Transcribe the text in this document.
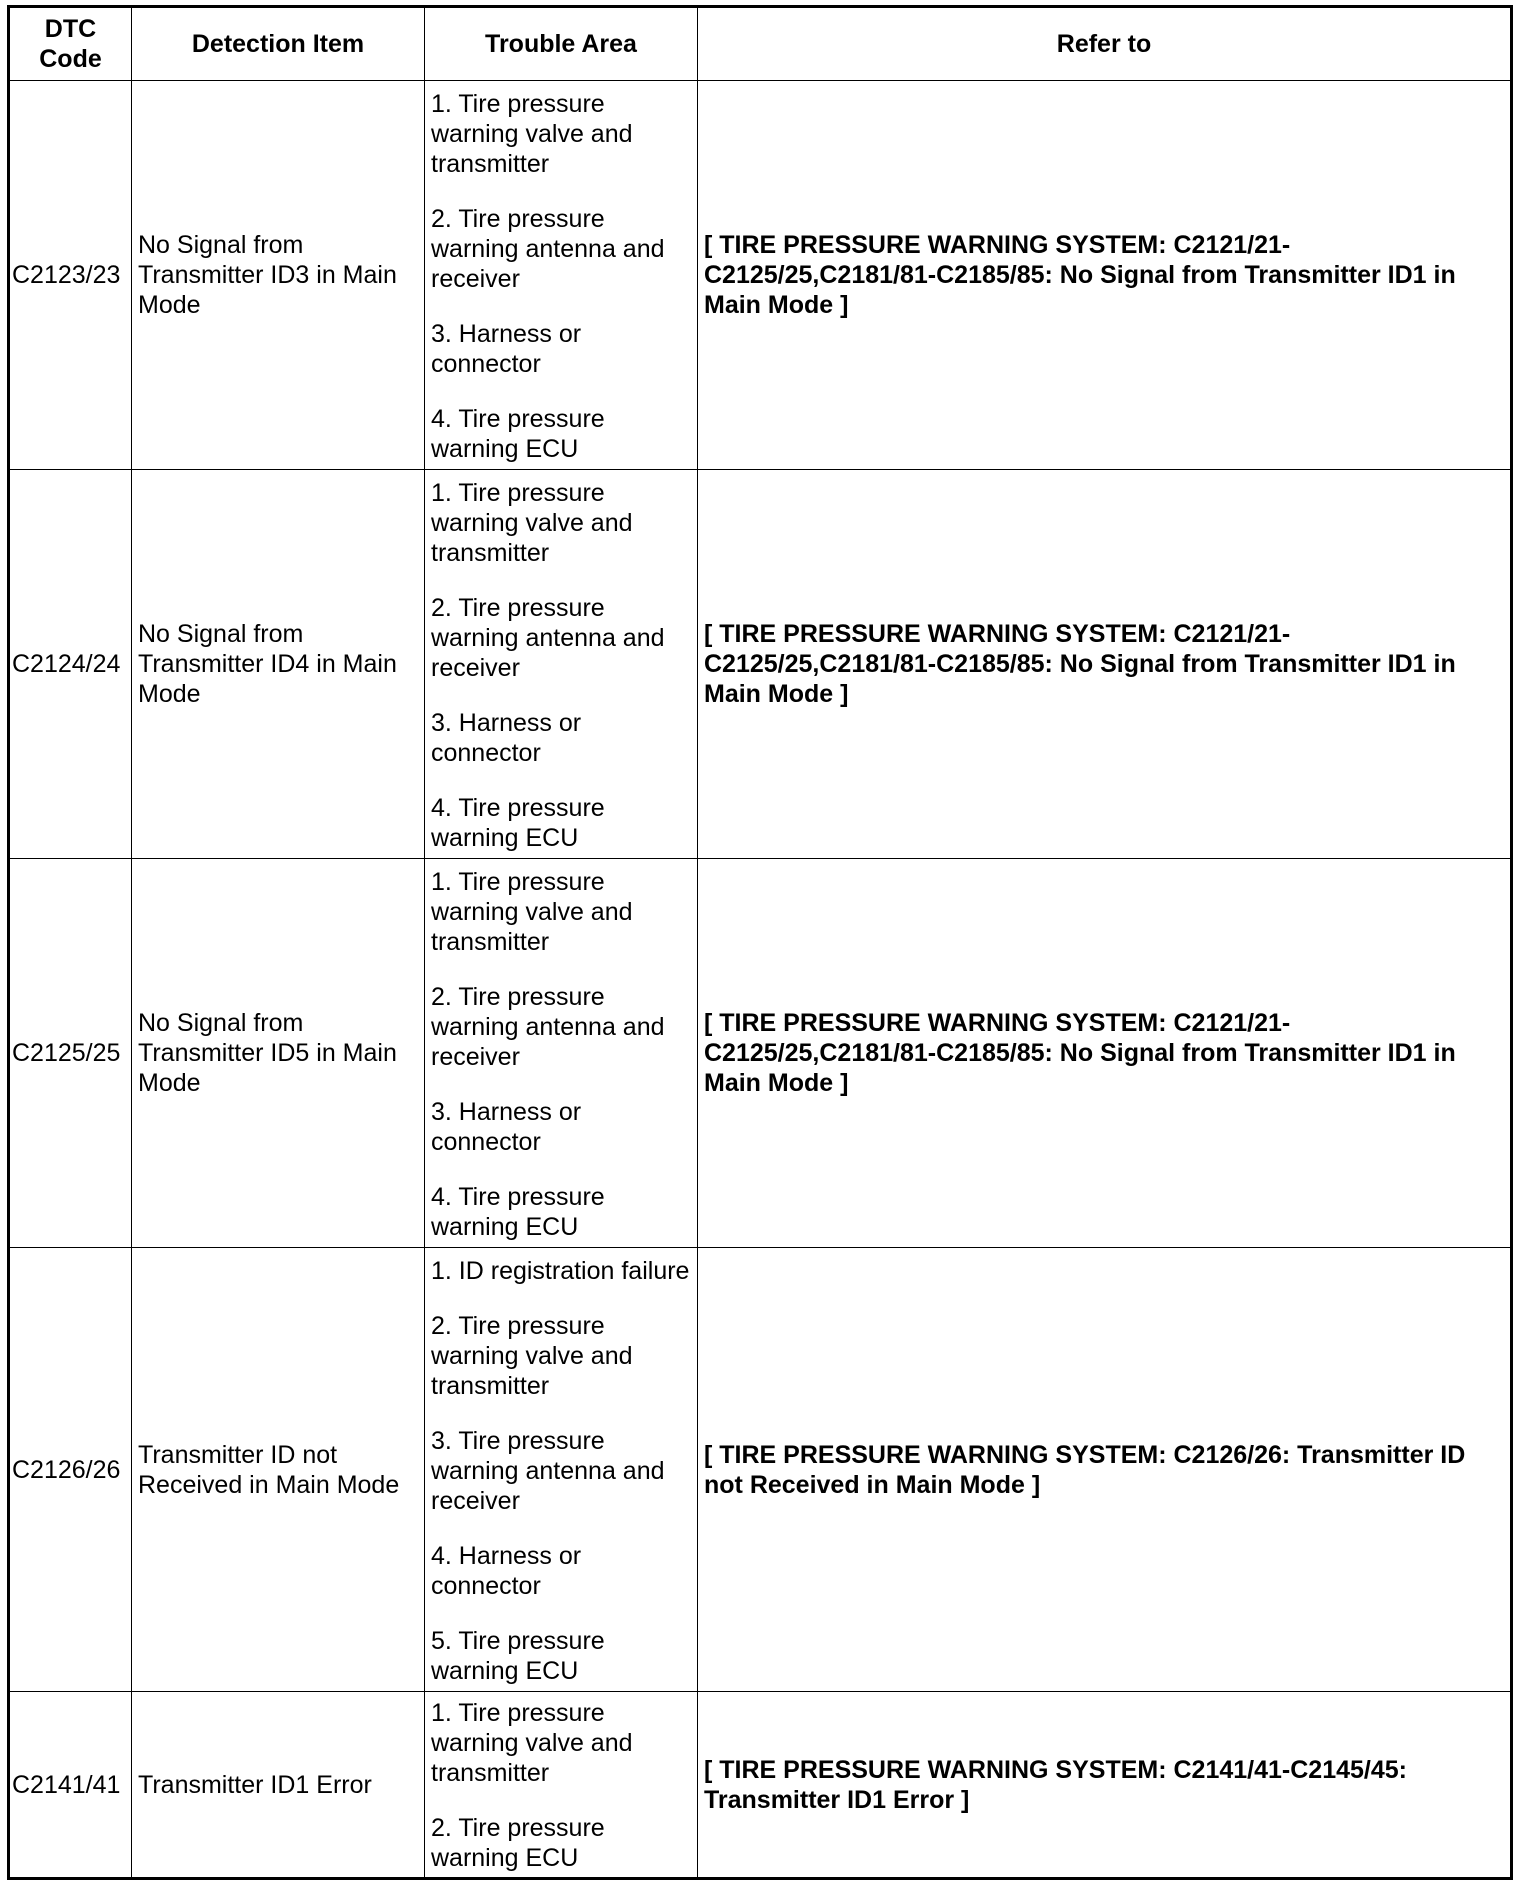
DTC Code	Detection Item	Trouble Area	Refer to
C2123/23	No Signal from Transmitter ID3 in Main Mode	1. Tire pressure warning valve and transmitter
2. Tire pressure warning antenna and receiver
3. Harness or connector
4. Tire pressure warning ECU	[ TIRE PRESSURE WARNING SYSTEM: C2121/21-C2125/25,C2181/81-C2185/85: No Signal from Transmitter ID1 in Main Mode ]
C2124/24	No Signal from Transmitter ID4 in Main Mode	1. Tire pressure warning valve and transmitter
2. Tire pressure warning antenna and receiver
3. Harness or connector
4. Tire pressure warning ECU	[ TIRE PRESSURE WARNING SYSTEM: C2121/21-C2125/25,C2181/81-C2185/85: No Signal from Transmitter ID1 in Main Mode ]
C2125/25	No Signal from Transmitter ID5 in Main Mode	1. Tire pressure warning valve and transmitter
2. Tire pressure warning antenna and receiver
3. Harness or connector
4. Tire pressure warning ECU	[ TIRE PRESSURE WARNING SYSTEM: C2121/21-C2125/25,C2181/81-C2185/85: No Signal from Transmitter ID1 in Main Mode ]
C2126/26	Transmitter ID not Received in Main Mode	1. ID registration failure
2. Tire pressure warning valve and transmitter
3. Tire pressure warning antenna and receiver
4. Harness or connector
5. Tire pressure warning ECU	[ TIRE PRESSURE WARNING SYSTEM: C2126/26: Transmitter ID not Received in Main Mode ]
C2141/41	Transmitter ID1 Error	1. Tire pressure warning valve and transmitter
2. Tire pressure warning ECU	[ TIRE PRESSURE WARNING SYSTEM: C2141/41-C2145/45: Transmitter ID1 Error ]
